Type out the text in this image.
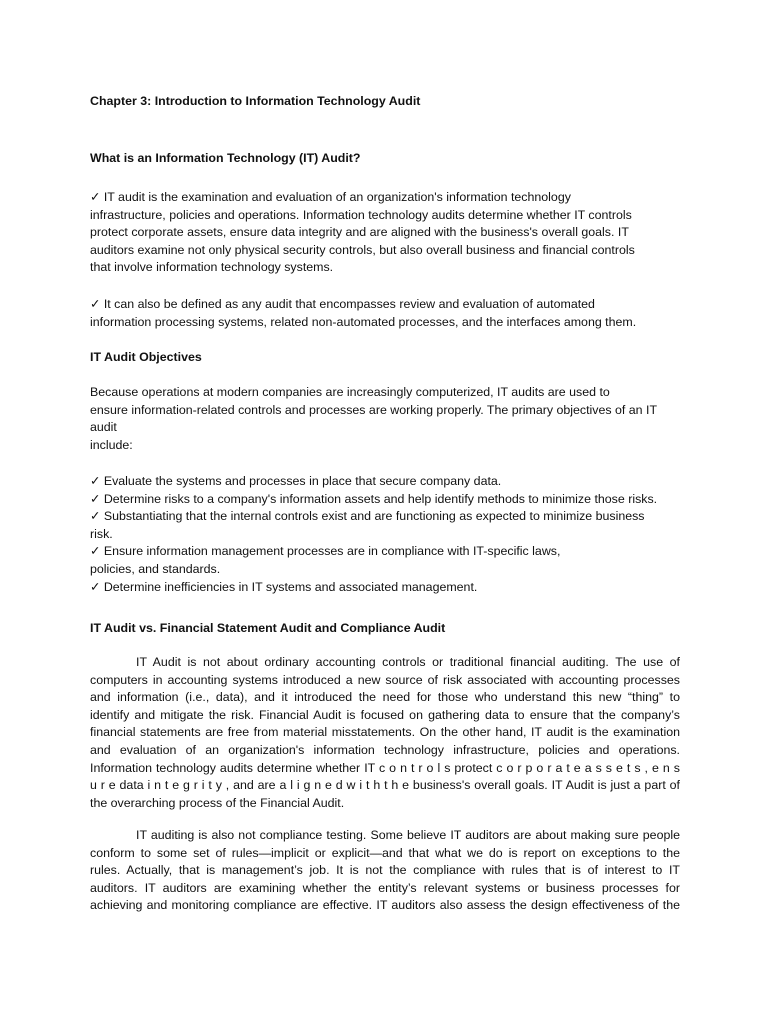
Chapter 3: Introduction to Information Technology Audit
What is an Information Technology (IT) Audit?
✓ IT audit is the examination and evaluation of an organization's information technology
infrastructure, policies and operations. Information technology audits determine whether IT controls
protect corporate assets, ensure data integrity and are aligned with the business's overall goals. IT
auditors examine not only physical security controls, but also overall business and financial controls
that involve information technology systems.
✓ It can also be defined as any audit that encompasses review and evaluation of automated
information processing systems, related non-automated processes, and the interfaces among them.
IT Audit Objectives
Because operations at modern companies are increasingly computerized, IT audits are used to
ensure information-related controls and processes are working properly. The primary objectives of an IT
audit
include:
✓ Evaluate the systems and processes in place that secure company data.
✓ Determine risks to a company's information assets and help identify methods to minimize those risks.
✓ Substantiating that the internal controls exist and are functioning as expected to minimize business
risk.
✓ Ensure information management processes are in compliance with IT-specific laws,
policies, and standards.
✓ Determine inefficiencies in IT systems and associated management.
IT Audit vs. Financial Statement Audit and Compliance Audit
IT Audit is not about ordinary accounting controls or traditional financial auditing. The use of
computers in accounting systems introduced a new source of risk associated with accounting processes
and information (i.e., data), and it introduced the need for those who understand this new “thing” to
identify and mitigate the risk. Financial Audit is focused on gathering data to ensure that the company’s
financial statements are free from material misstatements. On the other hand, IT audit is the examination
and evaluation of an organization's information technology infrastructure, policies and operations.
Information technology audits determine whether IT c o n t r o l s protect c o r p o r a t e a s s e t s , e n s
u r e data i n t e g r i t y , and are a l i g n e d w i t h t h e business's overall goals. IT Audit is just a part of
the overarching process of the Financial Audit.
IT auditing is also not compliance testing. Some believe IT auditors are about making sure people
conform to some set of rules—implicit or explicit—and that what we do is report on exceptions to the
rules. Actually, that is management’s job. It is not the compliance with rules that is of interest to IT
auditors. IT auditors are examining whether the entity’s relevant systems or business processes for
achieving and monitoring compliance are effective. IT auditors also assess the design effectiveness of the
